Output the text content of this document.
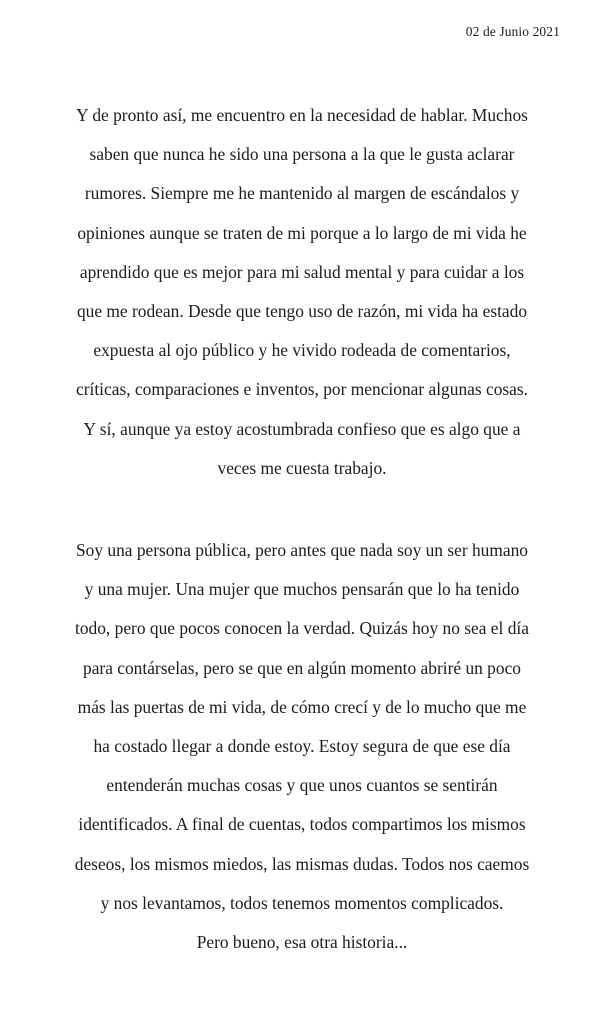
02 de Junio 2021
Y de pronto así, me encuentro en la necesidad de hablar. Muchos
saben que nunca he sido una persona a la que le gusta aclarar
rumores. Siempre me he mantenido al margen de escándalos y
opiniones aunque se traten de mi porque a lo largo de mi vida he
aprendido que es mejor para mi salud mental y para cuidar a los
que me rodean. Desde que tengo uso de razón, mi vida ha estado
expuesta al ojo público y he vivido rodeada de comentarios,
críticas, comparaciones e inventos, por mencionar algunas cosas.
Y sí, aunque ya estoy acostumbrada confieso que es algo que a
veces me cuesta trabajo.
Soy una persona pública, pero antes que nada soy un ser humano
y una mujer. Una mujer que muchos pensarán que lo ha tenido
todo, pero que pocos conocen la verdad. Quizás hoy no sea el día
para contárselas, pero se que en algún momento abriré un poco
más las puertas de mi vida, de cómo crecí y de lo mucho que me
ha costado llegar a donde estoy. Estoy segura de que ese día
entenderán muchas cosas y que unos cuantos se sentirán
identificados. A final de cuentas, todos compartimos los mismos
deseos, los mismos miedos, las mismas dudas. Todos nos caemos
y nos levantamos, todos tenemos momentos complicados.
Pero bueno, esa otra historia...
